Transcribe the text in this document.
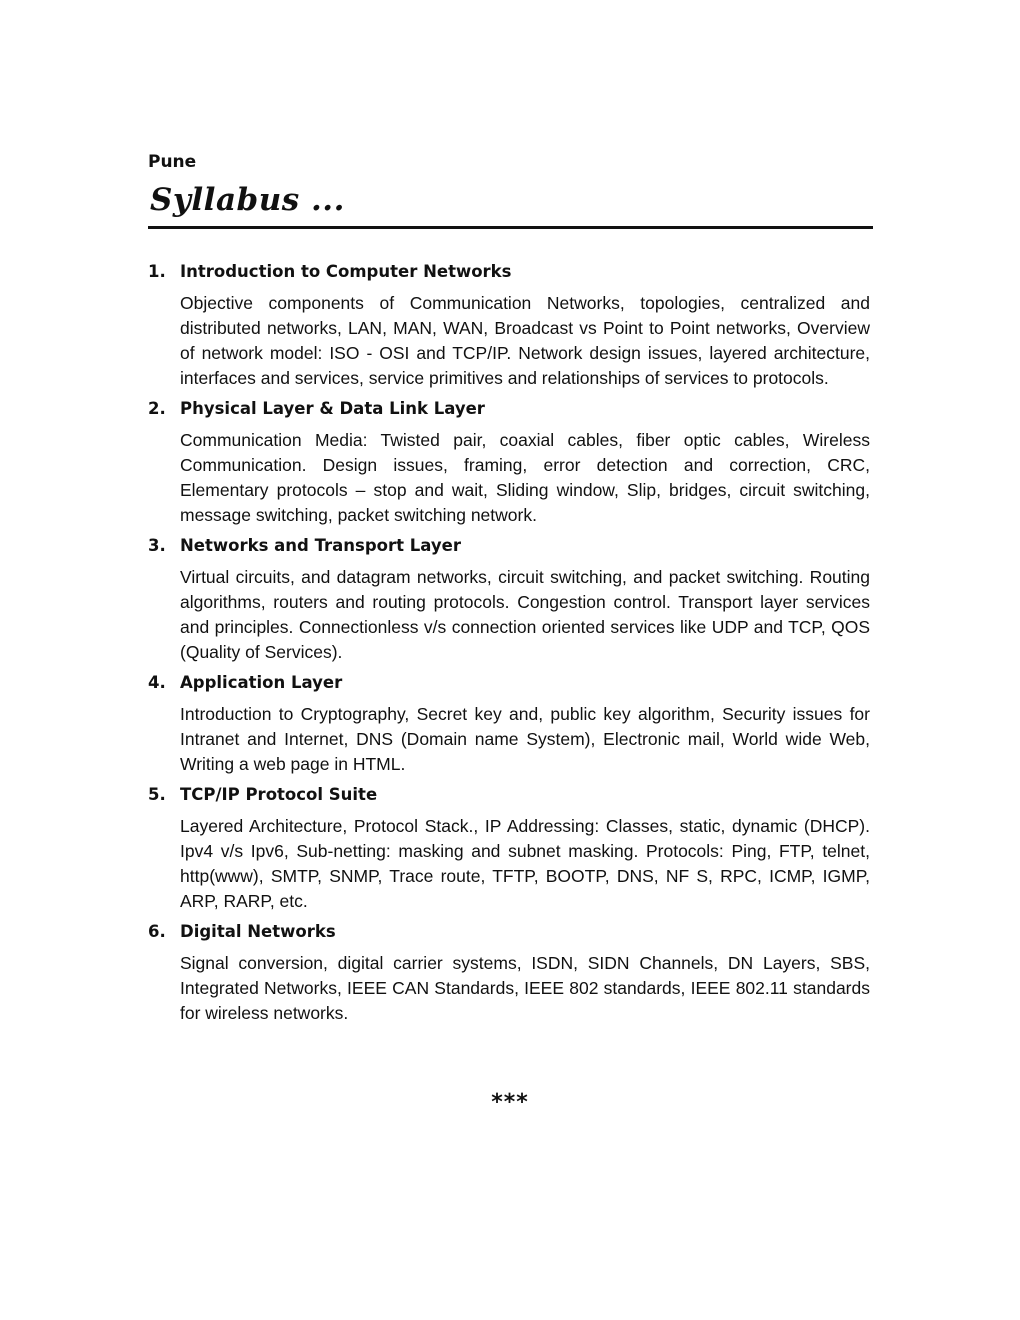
Pune
Syllabus ...
1. Introduction to Computer Networks
Objective components of Communication Networks, topologies, centralized and distributed networks, LAN, MAN, WAN, Broadcast vs Point to Point networks, Overview of network model: ISO - OSI and TCP/IP. Network design issues, layered architecture, interfaces and services, service primitives and relationships of services to protocols.
2. Physical Layer & Data Link Layer
Communication Media: Twisted pair, coaxial cables, fiber optic cables, Wireless Communication. Design issues, framing, error detection and correction, CRC, Elementary protocols – stop and wait, Sliding window, Slip, bridges, circuit switching, message switching, packet switching network.
3. Networks and Transport Layer
Virtual circuits, and datagram networks, circuit switching, and packet switching. Routing algorithms, routers and routing protocols. Congestion control. Transport layer services and principles. Connectionless v/s connection oriented services like UDP and TCP, QOS (Quality of Services).
4. Application Layer
Introduction to Cryptography, Secret key and, public key algorithm, Security issues for Intranet and Internet, DNS (Domain name System), Electronic mail, World wide Web, Writing a web page in HTML.
5. TCP/IP Protocol Suite
Layered Architecture, Protocol Stack., IP Addressing: Classes, static, dynamic (DHCP). Ipv4 v/s Ipv6, Sub-netting: masking and subnet masking. Protocols: Ping, FTP, telnet, http(www), SMTP, SNMP, Trace route, TFTP, BOOTP, DNS, NF S, RPC, ICMP, IGMP, ARP, RARP, etc.
6. Digital Networks
Signal conversion, digital carrier systems, ISDN, SIDN Channels, DN Layers, SBS, Integrated Networks, IEEE CAN Standards, IEEE 802 standards, IEEE 802.11 standards for wireless networks.
***
